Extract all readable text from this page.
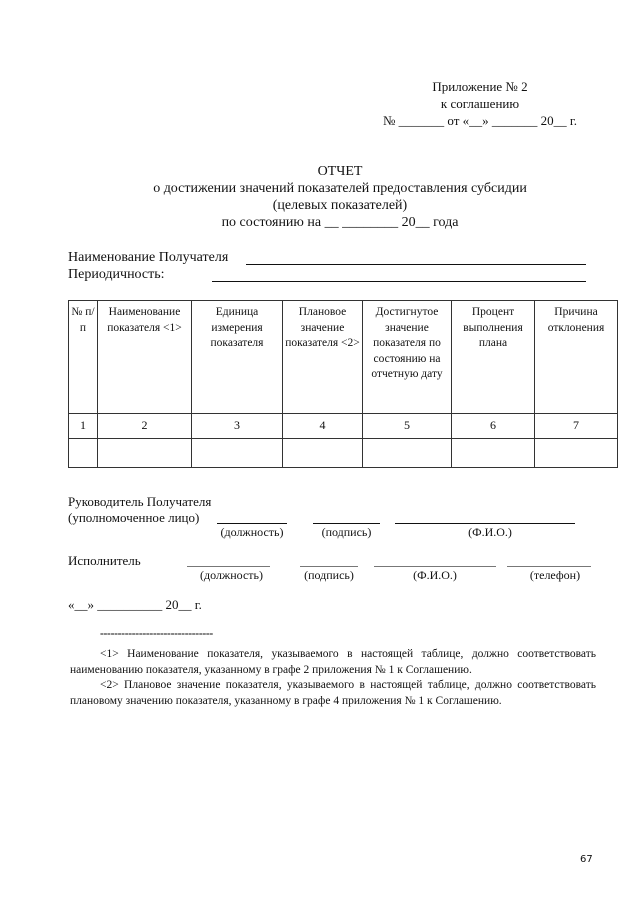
Приложение № 2
к соглашению
№ _______ от «__» _______ 20__ г.
ОТЧЕТ
о достижении значений показателей предоставления субсидии
(целевых показателей)
по состоянию на __ ________ 20__ года
Наименование Получателя
Периодичность:
№ п/п	Наименование показателя <1>	Единица измерения показателя	Плановое значение показателя <2>	Достигнутое значение показателя по состоянию на отчетную дату	Процент выполнения плана	Причина отклонения
1	2	3	4	5	6	7

Руководитель Получателя
(уполномоченное лицо)
(должность)	(подпись)	(Ф.И.О.)
Исполнитель
(должность)	(подпись)	(Ф.И.О.)	(телефон)
«__» __________ 20__ г.
--------------------------------

<1> Наименование показателя, указываемого в настоящей таблице, должно соответствовать наименованию показателя, указанному в графе 2 приложения № 1 к Соглашению.

<2> Плановое значение показателя, указываемого в настоящей таблице, должно соответствовать плановому значению показателя, указанному в графе 4 приложения № 1 к Соглашению.

67
